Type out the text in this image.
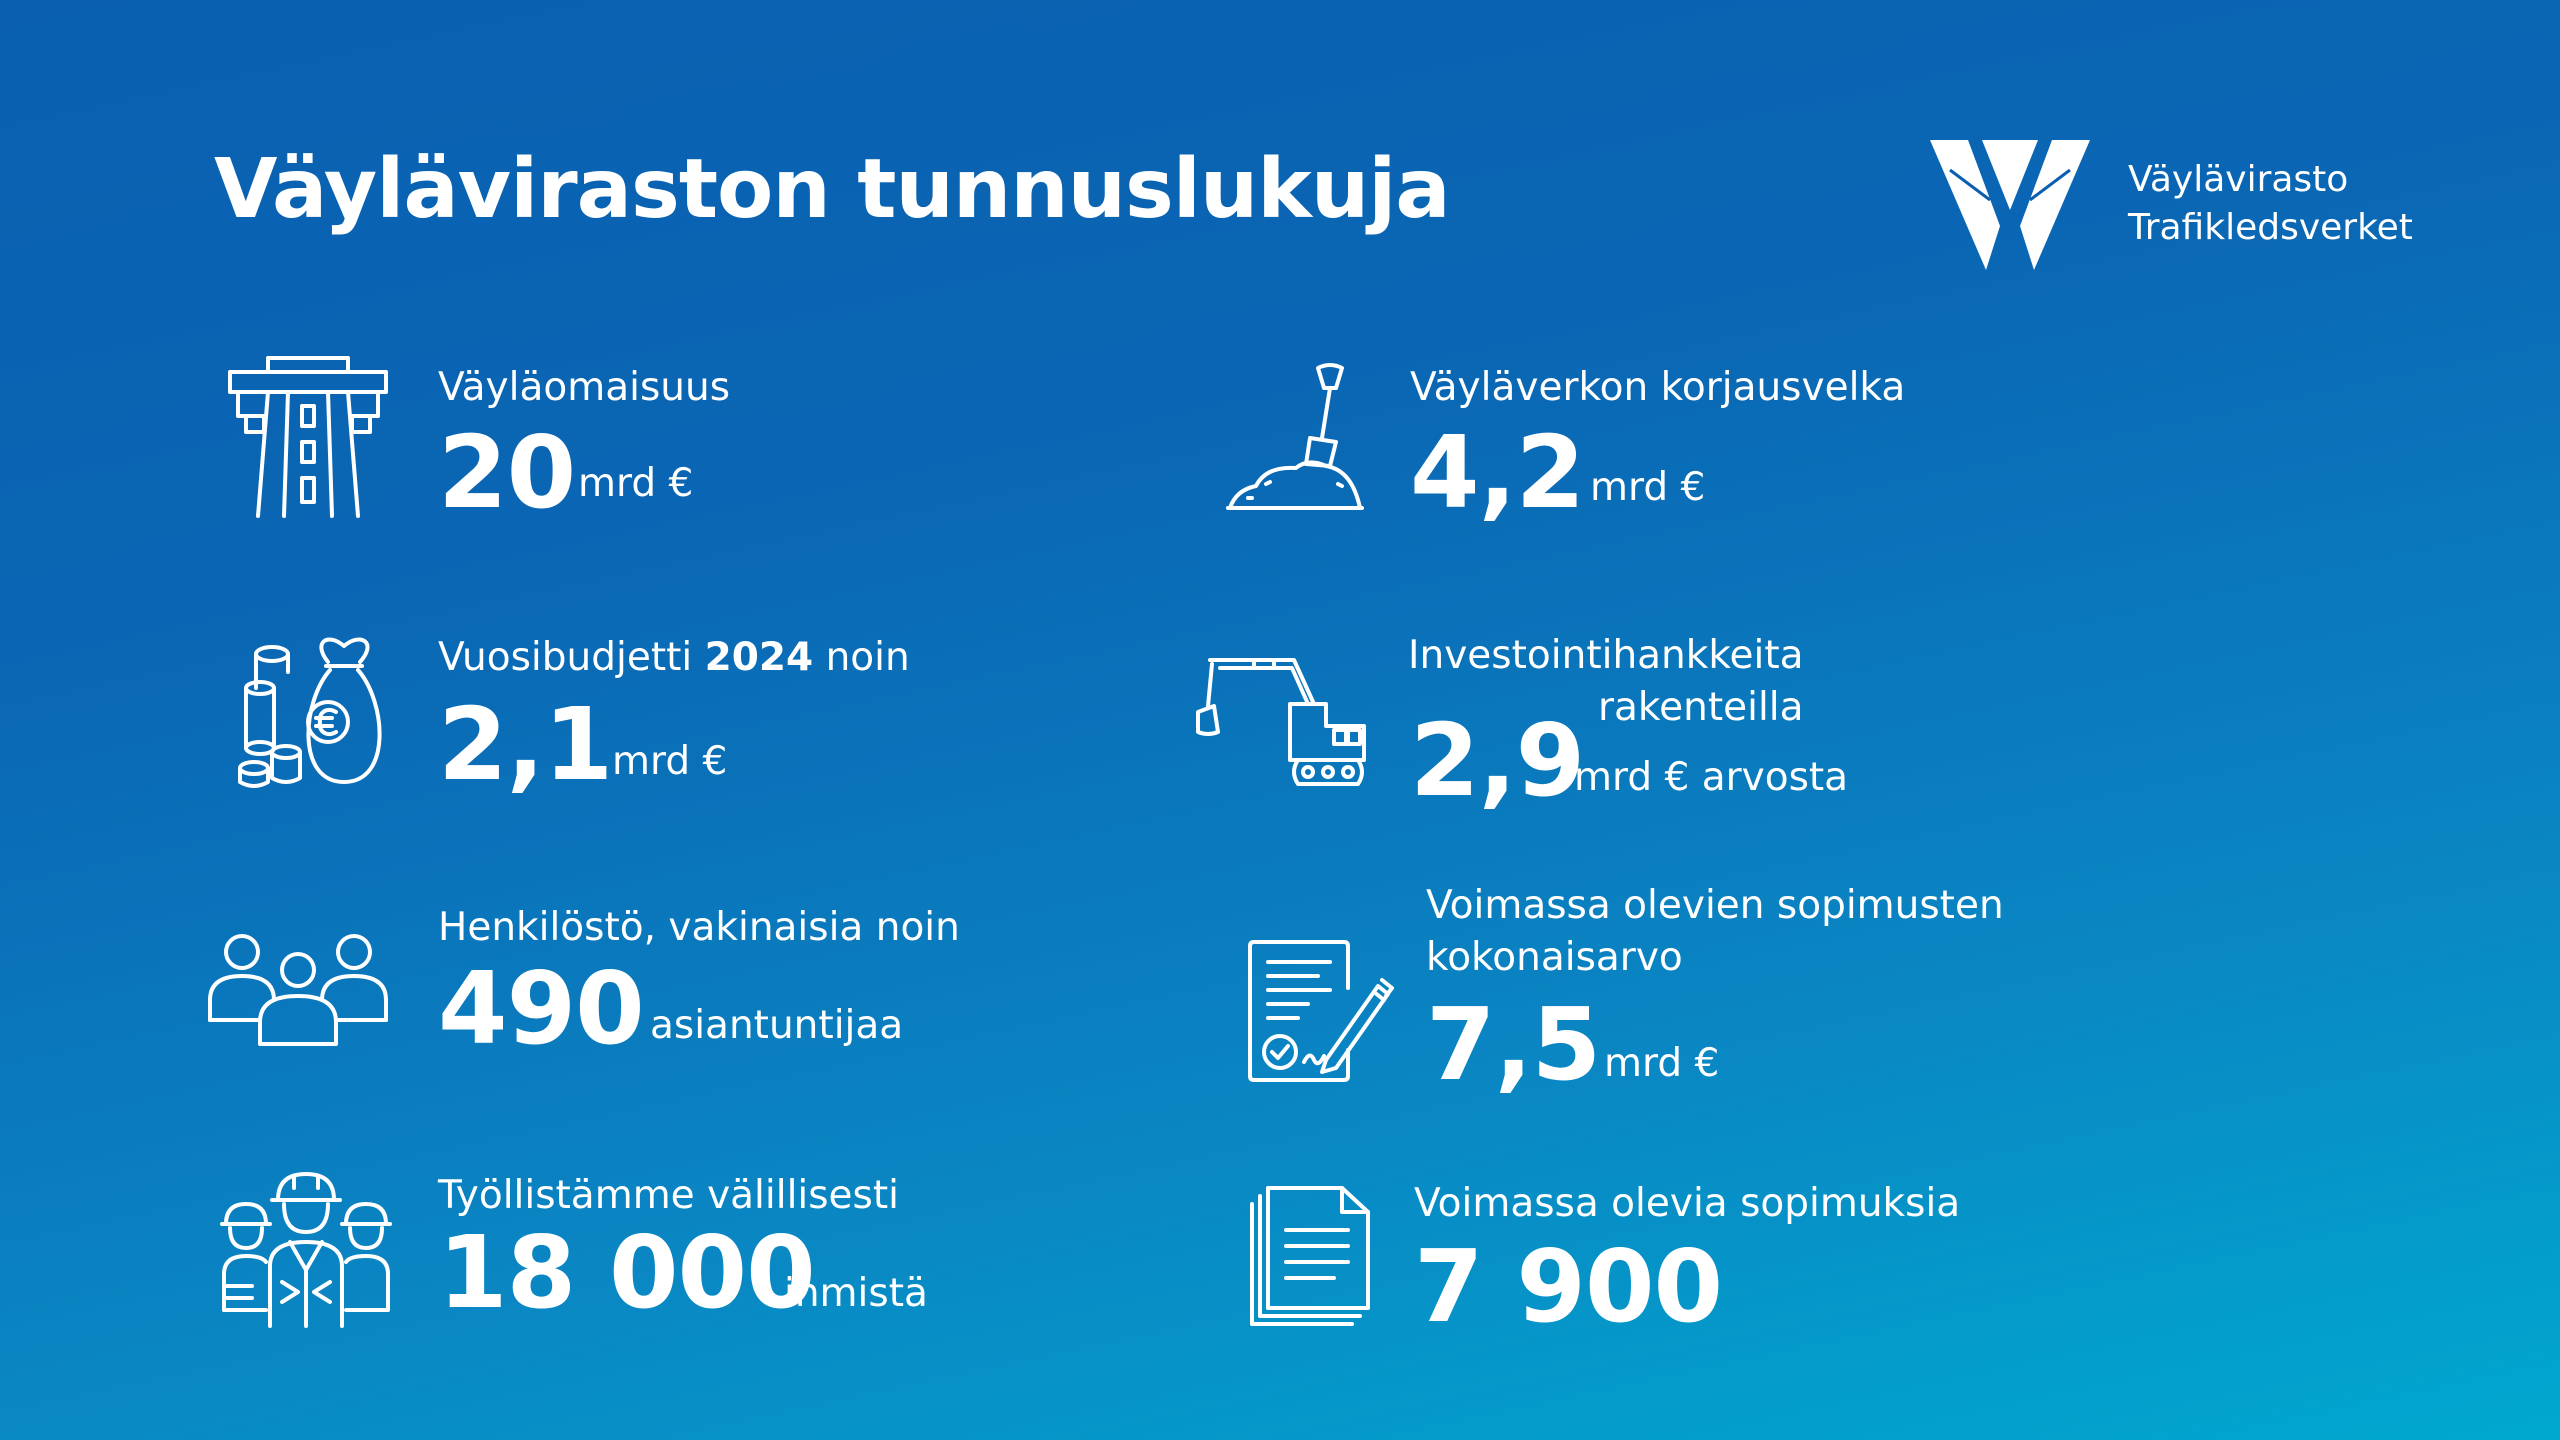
Väyläviraston tunnuslukuja	Väylävirasto
Trafikledsverket
Väyläomaisuus
20 mrd €
Vuosibudjetti 2024 noin
2,1 mrd €
Henkilöstö, vakinaisia noin
490 asiantuntijaa
Työllistämme välillisesti
18 000
ihmistä
Väyläverkon korjausvelka
4,2 mrd €
Investointihankkeita
rakenteilla
2,9
mrd € arvosta
Voimassa olevien sopimusten
kokonaisarvo
7,5 mrd €
Voimassa olevia sopimuksia
7 900
